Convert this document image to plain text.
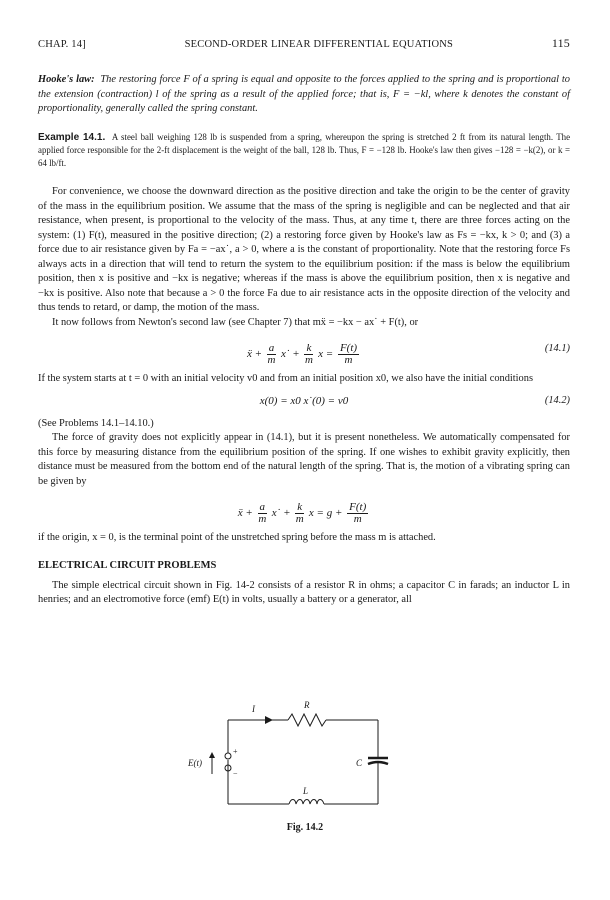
CHAP. 14]	SECOND-ORDER LINEAR DIFFERENTIAL EQUATIONS	115

Hooke's law: The restoring force F of a spring is equal and opposite to the forces applied to the spring and is proportional to the extension (contraction) l of the spring as a result of the applied force; that is, F = −kl, where k denotes the constant of proportionality, generally called the spring constant.

Example 14.1. A steel ball weighing 128 lb is suspended from a spring, whereupon the spring is stretched 2 ft from its natural length. The applied force responsible for the 2-ft displacement is the weight of the ball, 128 lb. Thus, F = −128 lb. Hooke's law then gives −128 = −k(2), or k = 64 lb/ft.

For convenience, we choose the downward direction as the positive direction and take the origin to be the center of gravity of the mass in the equilibrium position. We assume that the mass of the spring is negligible and can be neglected and that air resistance, when present, is proportional to the velocity of the mass. Thus, at any time t, there are three forces acting on the system: (1) F(t), measured in the positive direction; (2) a restoring force given by Hooke's law as Fs = −kx, k > 0; and (3) a force due to air resistance given by Fa = −ax˙, a > 0, where a is the constant of proportionality. Note that the restoring force Fs always acts in a direction that will tend to return the system to the equilibrium position: if the mass is below the equilibrium position, then x is positive and −kx is negative; whereas if the mass is above the equilibrium position, then x is negative and −kx is positive. Also note that because a > 0 the force Fa due to air resistance acts in the opposite direction of the velocity and thus tends to retard, or damp, the motion of the mass.

It now follows from Newton's second law (see Chapter 7) that mẍ = −kx − ax˙ + F(t), or

ẍ + $\frac{a}{m}$ x˙ + $\frac{k}{m}$ $x = \frac{F(t)}{m}$	(14.1)

If the system starts at t = 0 with an initial velocity v0 and from an initial position x0, we also have the initial conditions

x(0) = x0 x˙(0) = v0	(14.2)

(See Problems 14.1–14.10.)

The force of gravity does not explicitly appear in (14.1), but it is present nonetheless. We automatically compensated for this force by measuring distance from the equilibrium position of the spring. If one wishes to exhibit gravity explicitly, then distance must be measured from the bottom end of the natural length of the spring. That is, the motion of a vibrating spring can be given by

ẍ + $\frac{a}{m}$ x˙ + $\frac{k}{m}$ $x = g + \frac{F(t)}{m}$

if the origin, x = 0, is the terminal point of the unstretched spring before the mass m is attached.

ELECTRICAL CIRCUIT PROBLEMS

The simple electrical circuit shown in Fig. 14-2 consists of a resistor R in ohms; a capacitor C in farads; an inductor L in henries; and an electromotive force (emf) E(t) in volts, usually a battery or a generator, all

R
I
C
L
E(t)
+
−
Fig. 14.2
